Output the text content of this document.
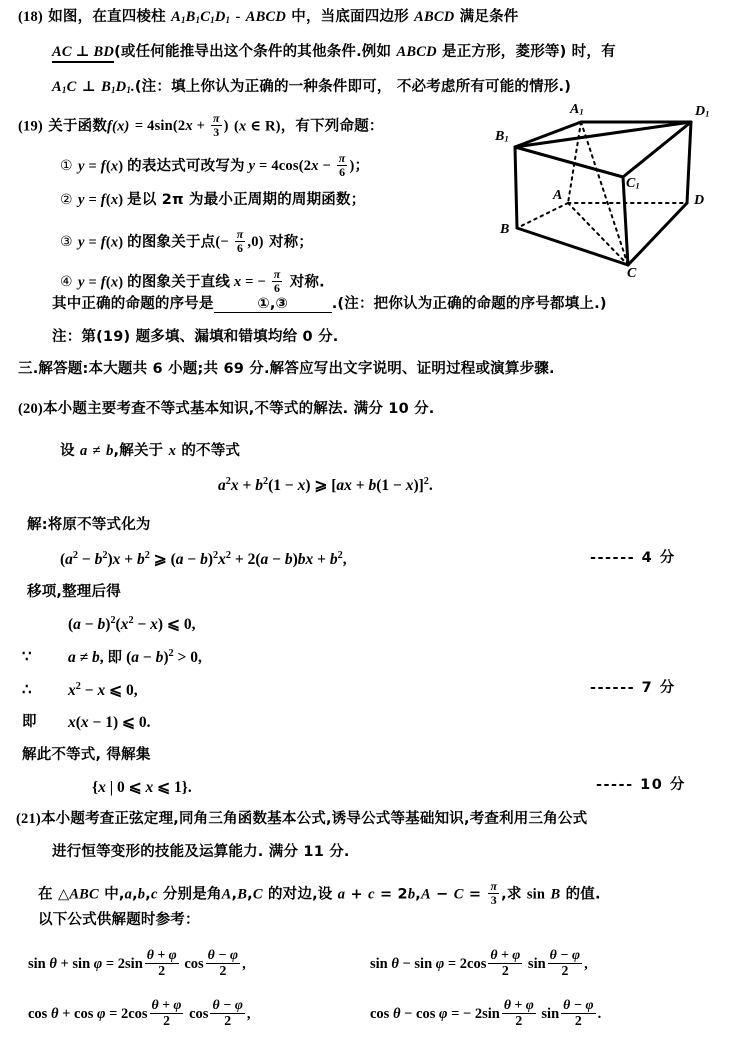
(18) 如图，在直四棱柱 $A_1B_1C_1D_1$ - ABCD 中，当底面四边形 ABCD 满足条件
AC ⊥ BD(或任何能推导出这个条件的其他条件.例如 ABCD 是正方形，菱形等) 时，有
$A_1C$ ⊥ $B_1D_1$.(注：填上你认为正确的一种条件即可， 不必考虑所有可能的情形.)
(19) 关于函数$f(x) = 4\sin(2x + \frac{\pi}{3}$ ) (x ∈ R)，有下列命题：
① y = f(x) 的表达式可改写为 $y = 4\cos(2x - \frac{\pi}{6}$ )；
② y = f(x) 是以 2π 为最小正周期的周期函数；
③ y = f(x) 的图象关于点(− $\frac{\pi}{6} ,0$) 对称；
④ y = f(x) 的图象关于直线 x = − $\frac{\pi}{6}$ 对称.
其中正确的命题的序号是	①,③	.(注：把你认为正确的命题的序号都填上.)
注：第(19) 题多填、漏填和错填均给 0 分.
$A_1$
$B_1$
$C_1$
$D_1$
A
B
C
D
三.解答题:本大题共 6 小题;共 69 分.解答应写出文字说明、证明过程或演算步骤.
(20)本小题主要考查不等式基本知识,不等式的解法. 满分 10 分.
设 a ≠ b,解关于 x 的不等式
$a^2x + b^2(1 - x)$ ⩾ [ax + b(1 − x)]$^2$.
解:将原不等式化为
$(a^2 - b^2)x + b^2$ ⩾ $(a - b)^2x^2 + 2(a - b)bx + b^2$,	------ 4 分
移项,整理后得
$(a - b)^2(x^2 - x)$ ⩽ 0,
∵ a ≠ b, 即 $(a - b)^2 > 0$,
∴ $x^2 - x$ ⩽ 0,	------ 7 分
即 x(x − 1) ⩽ 0.
解此不等式, 得解集
{x | 0 ⩽ x ⩽ 1}.	----- 10 分
(21)本小题考查正弦定理,同角三角函数基本公式,诱导公式等基础知识,考查利用三角公式
进行恒等变形的技能及运算能力. 满分 11 分.
在 △ABC 中,a,b,c 分别是角A,B,C 的对边,设 $a + c = 2b,A - C = \frac{\pi}{3}$ ,求 sin B 的值.
以下公式供解题时参考：
$\sin \theta + \sin \varphi = 2\sin \frac{\theta + \varphi}{2}$ $\cos \frac{\theta - \varphi}{2}$ ,	$\sin \theta - \sin \varphi = 2\cos \frac{\theta + \varphi}{2}$ $\sin \frac{\theta - \varphi}{2}$ ,
$\cos \theta + \cos \varphi = 2\cos \frac{\theta + \varphi}{2}$ $\cos \frac{\theta - \varphi}{2}$ ,	cos θ − cos φ = − $2\sin \frac{\theta + \varphi}{2}$ $\sin \frac{\theta - \varphi}{2}$ .
